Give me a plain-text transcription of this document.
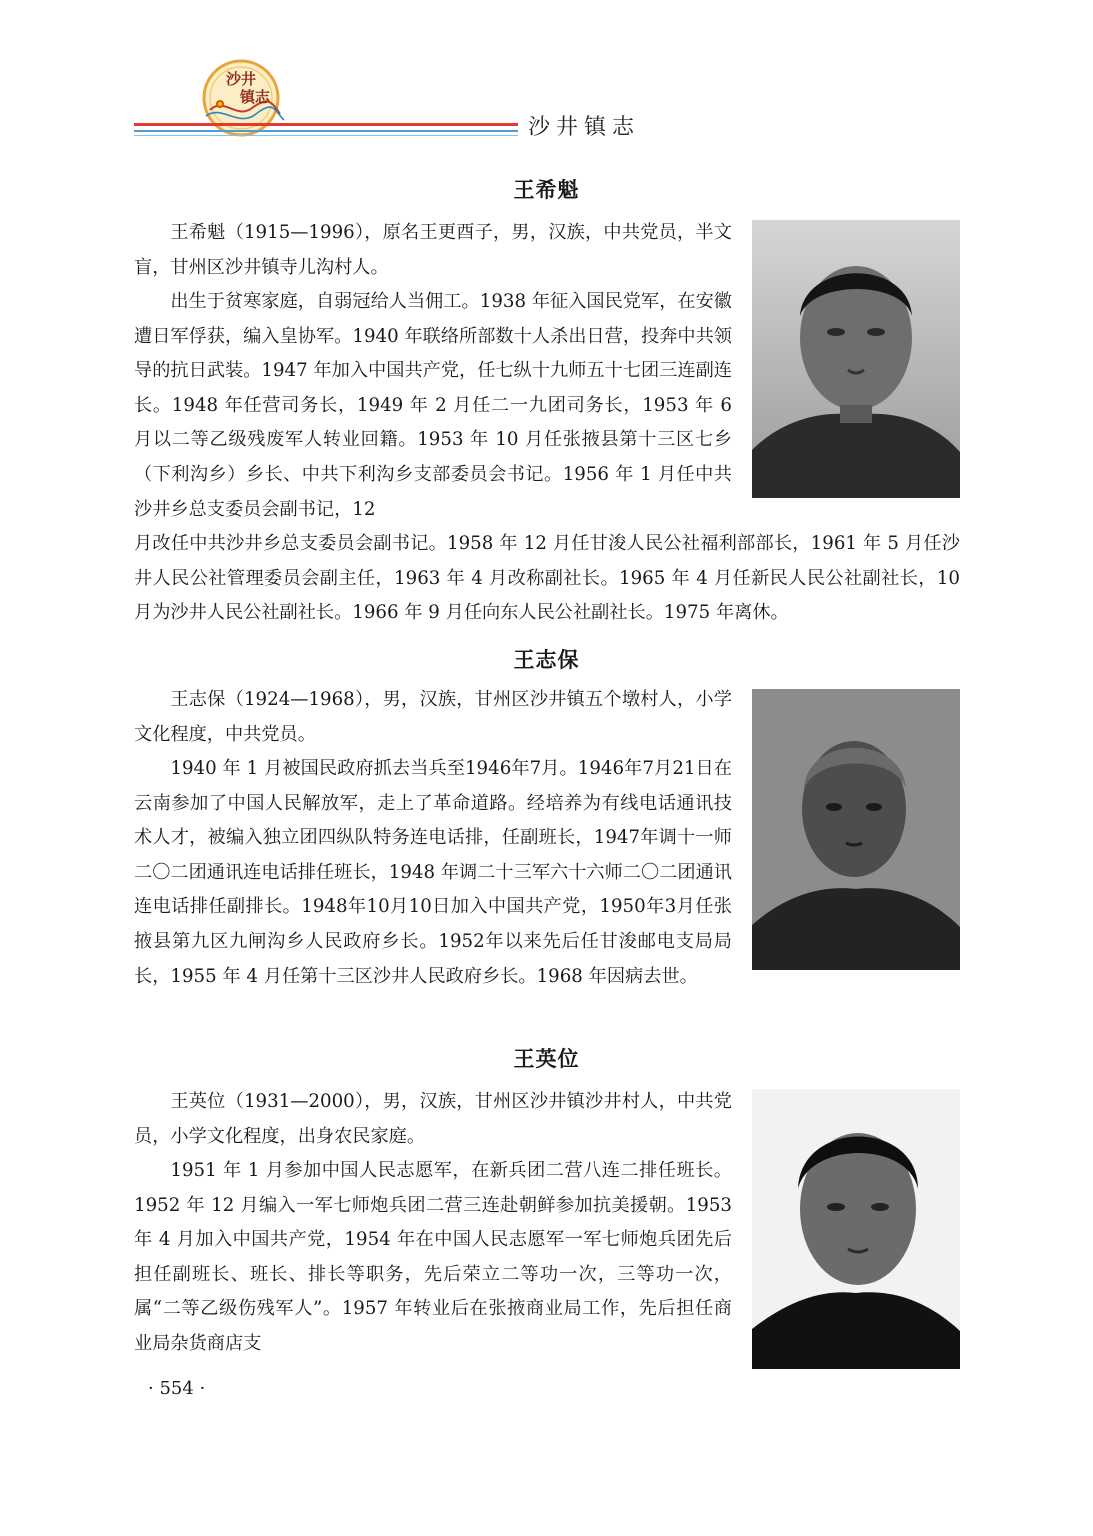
沙井
镇志
沙井镇志
王希魁

王希魁（1915—1996），原名王更酉子，男，汉族，中共党员，半文盲，甘州区沙井镇寺儿沟村人。

出生于贫寒家庭，自弱冠给人当佣工。1938 年征入国民党军，在安徽遭日军俘获，编入皇协军。1940 年联络所部数十人杀出日营，投奔中共领导的抗日武装。1947 年加入中国共产党，任七纵十九师五十七团三连副连长。1948 年任营司务长，1949 年 2 月任二一九团司务长，1953 年 6 月以二等乙级残废军人转业回籍。1953 年 10 月任张掖县第十三区七乡（下利沟乡）乡长、中共下利沟乡支部委员会书记。1956 年 1 月任中共沙井乡总支委员会副书记，12

月改任中共沙井乡总支委员会副书记。1958 年 12 月任甘浚人民公社福利部部长，1961 年 5 月任沙井人民公社管理委员会副主任，1963 年 4 月改称副社长。1965 年 4 月任新民人民公社副社长，10 月为沙井人民公社副社长。1966 年 9 月任向东人民公社副社长。1975 年离休。

王志保

王志保（1924—1968），男，汉族，甘州区沙井镇五个墩村人，小学文化程度，中共党员。

1940 年 1 月被国民政府抓去当兵至1946年7月。1946年7月21日在云南参加了中国人民解放军，走上了革命道路。经培养为有线电话通讯技术人才，被编入独立团四纵队特务连电话排，任副班长，1947年调十一师二〇二团通讯连电话排任班长，1948 年调二十三军六十六师二〇二团通讯连电话排任副排长。1948年10月10日加入中国共产党，1950年3月任张掖县第九区九闸沟乡人民政府乡长。1952年以来先后任甘浚邮电支局局长，1955 年 4 月任第十三区沙井人民政府乡长。1968 年因病去世。

王英位

王英位（1931—2000），男，汉族，甘州区沙井镇沙井村人，中共党员，小学文化程度，出身农民家庭。

1951 年 1 月参加中国人民志愿军，在新兵团二营八连二排任班长。1952 年 12 月编入一军七师炮兵团二营三连赴朝鲜参加抗美援朝。1953 年 4 月加入中国共产党，1954 年在中国人民志愿军一军七师炮兵团先后担任副班长、班长、排长等职务，先后荣立二等功一次，三等功一次，属“二等乙级伤残军人”。1957 年转业后在张掖商业局工作，先后担任商业局杂货商店支

· 554 ·
